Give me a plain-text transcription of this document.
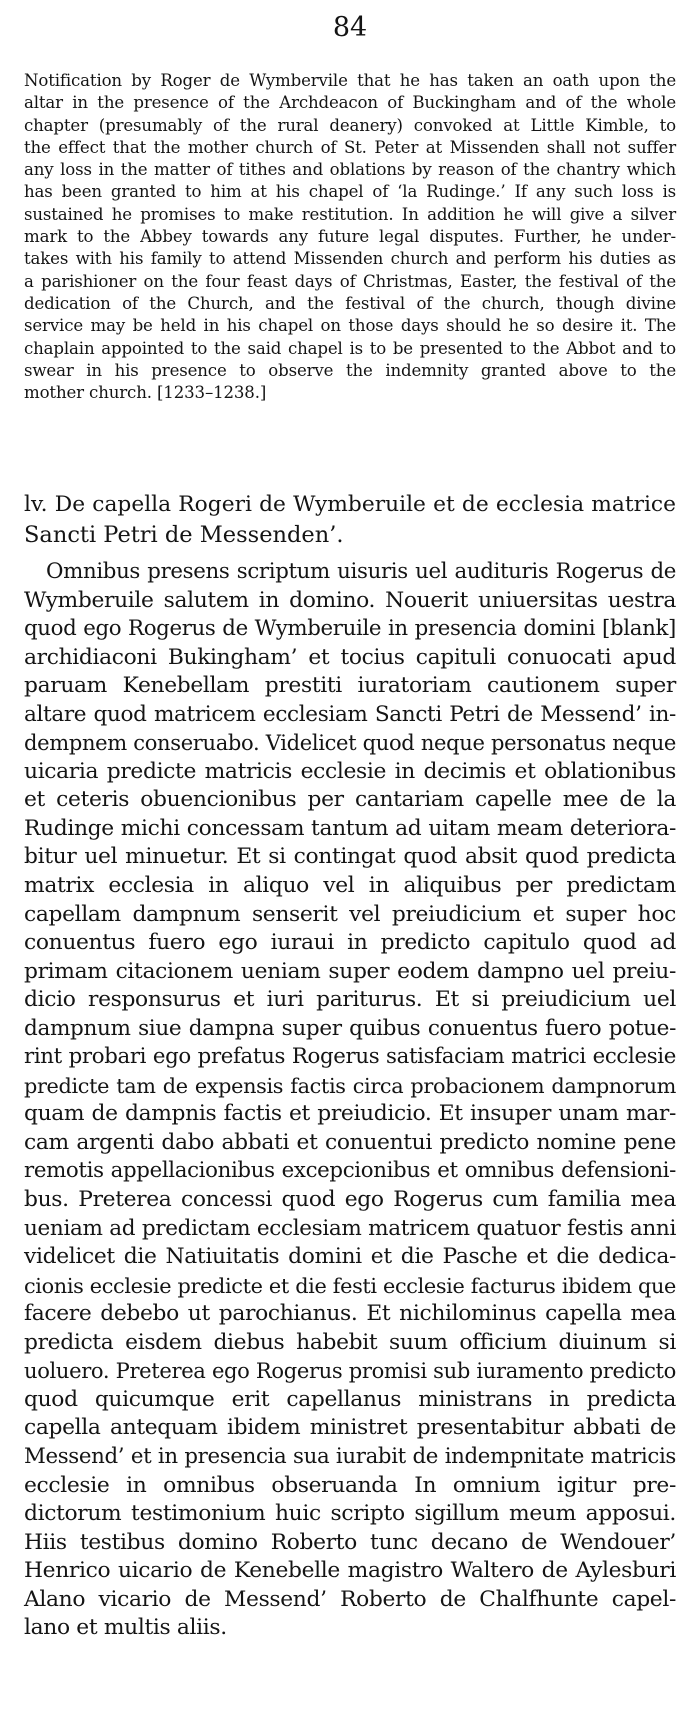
84
Notification by Roger de Wymbervile that he has taken an oath upon the
altar in the presence of the Archdeacon of Buckingham and of the whole
chapter (presumably of the rural deanery) convoked at Little Kimble, to
the effect that the mother church of St. Peter at Missenden shall not suffer
any loss in the matter of tithes and oblations by reason of the chantry which
has been granted to him at his chapel of ‘la Rudinge.’ If any such loss is
sustained he promises to make restitution. In addition he will give a silver
mark to the Abbey towards any future legal disputes. Further, he under-
takes with his family to attend Missenden church and perform his duties as
a parishioner on the four feast days of Christmas, Easter, the festival of the
dedication of the Church, and the festival of the church, though divine
service may be held in his chapel on those days should he so desire it. The
chaplain appointed to the said chapel is to be presented to the Abbot and to
swear in his presence to observe the indemnity granted above to the
mother church. [1233–1238.]
lv. De capella Rogeri de Wymberuile et de ecclesia matrice
Sancti Petri de Messenden’.
Omnibus presens scriptum uisuris uel audituris Rogerus de
Wymberuile salutem in domino. Nouerit uniuersitas uestra
quod ego Rogerus de Wymberuile in presencia domini [blank]
archidiaconi Bukingham’ et tocius capituli conuocati apud
paruam Kenebellam prestiti iuratoriam cautionem super
altare quod matricem ecclesiam Sancti Petri de Messend’ in-
dempnem conseruabo. Videlicet quod neque personatus neque
uicaria predicte matricis ecclesie in decimis et oblationibus
et ceteris obuencionibus per cantariam capelle mee de la
Rudinge michi concessam tantum ad uitam meam deteriora-
bitur uel minuetur. Et si contingat quod absit quod predicta
matrix ecclesia in aliquo vel in aliquibus per predictam
capellam dampnum senserit vel preiudicium et super hoc
conuentus fuero ego iuraui in predicto capitulo quod ad
primam citacionem ueniam super eodem dampno uel preiu-
dicio responsurus et iuri pariturus. Et si preiudicium uel
dampnum siue dampna super quibus conuentus fuero potue-
rint probari ego prefatus Rogerus satisfaciam matrici ecclesie
predicte tam de expensis factis circa probacionem dampnorum
quam de dampnis factis et preiudicio. Et insuper unam mar-
cam argenti dabo abbati et conuentui predicto nomine pene
remotis appellacionibus excepcionibus et omnibus defensioni-
bus. Preterea concessi quod ego Rogerus cum familia mea
ueniam ad predictam ecclesiam matricem quatuor festis anni
videlicet die Natiuitatis domini et die Pasche et die dedica-
cionis ecclesie predicte et die festi ecclesie facturus ibidem que
facere debebo ut parochianus. Et nichilominus capella mea
predicta eisdem diebus habebit suum officium diuinum si
uoluero. Preterea ego Rogerus promisi sub iuramento predicto
quod quicumque erit capellanus ministrans in predicta
capella antequam ibidem ministret presentabitur abbati de
Messend’ et in presencia sua iurabit de indempnitate matricis
ecclesie in omnibus obseruanda In omnium igitur pre-
dictorum testimonium huic scripto sigillum meum apposui.
Hiis testibus domino Roberto tunc decano de Wendouer’
Henrico uicario de Kenebelle magistro Waltero de Aylesburi
Alano vicario de Messend’ Roberto de Chalfhunte capel-
lano et multis aliis.
